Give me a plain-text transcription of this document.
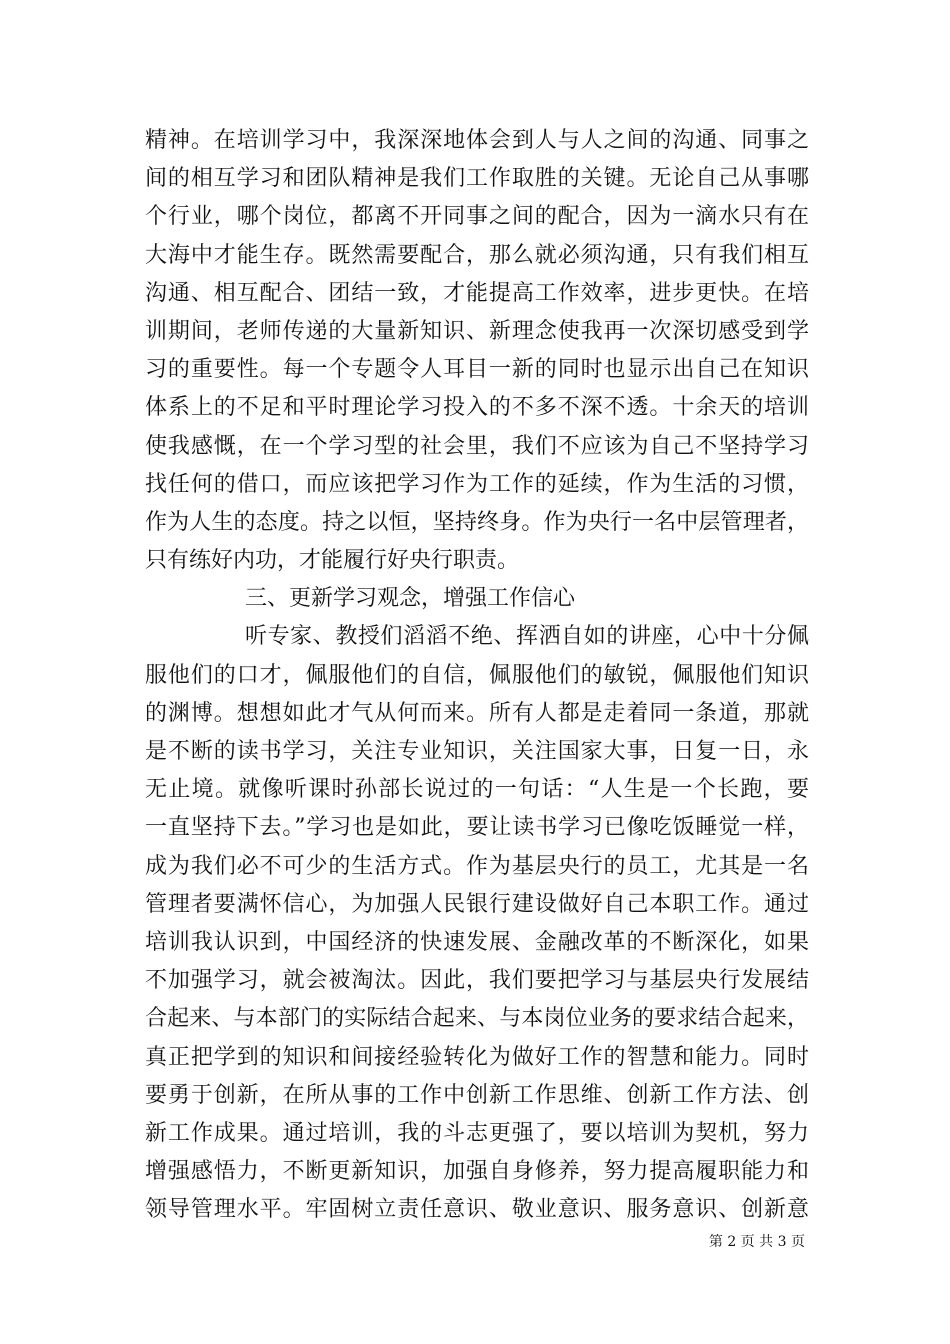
精神。在培训学习中，我深深地体会到人与人之间的沟通、同事之
间的相互学习和团队精神是我们工作取胜的关键。无论自己从事哪
个行业，哪个岗位，都离不开同事之间的配合，因为一滴水只有在
大海中才能生存。既然需要配合，那么就必须沟通，只有我们相互
沟通、相互配合、团结一致，才能提高工作效率，进步更快。在培
训期间，老师传递的大量新知识、新理念使我再一次深切感受到学
习的重要性。每一个专题令人耳目一新的同时也显示出自己在知识
体系上的不足和平时理论学习投入的不多不深不透。十余天的培训
使我感慨，在一个学习型的社会里，我们不应该为自己不坚持学习
找任何的借口，而应该把学习作为工作的延续，作为生活的习惯，
作为人生的态度。持之以恒，坚持终身。作为央行一名中层管理者，
只有练好内功，才能履行好央行职责。
三、更新学习观念，增强工作信心
听专家、教授们滔滔不绝、挥洒自如的讲座，心中十分佩
服他们的口才，佩服他们的自信，佩服他们的敏锐，佩服他们知识
的渊博。想想如此才气从何而来。所有人都是走着同一条道，那就
是不断的读书学习，关注专业知识，关注国家大事，日复一日，永
无止境。就像听课时孙部长说过的一句话：“人生是一个长跑，要
一直坚持下去。”学习也是如此，要让读书学习已像吃饭睡觉一样，
成为我们必不可少的生活方式。作为基层央行的员工，尤其是一名
管理者要满怀信心，为加强人民银行建设做好自己本职工作。通过
培训我认识到，中国经济的快速发展、金融改革的不断深化，如果
不加强学习，就会被淘汰。因此，我们要把学习与基层央行发展结
合起来、与本部门的实际结合起来、与本岗位业务的要求结合起来，
真正把学到的知识和间接经验转化为做好工作的智慧和能力。同时
要勇于创新，在所从事的工作中创新工作思维、创新工作方法、创
新工作成果。通过培训，我的斗志更强了，要以培训为契机，努力
增强感悟力，不断更新知识，加强自身修养，努力提高履职能力和
领导管理水平。牢固树立责任意识、敬业意识、服务意识、创新意
第 2 页 共 3 页
